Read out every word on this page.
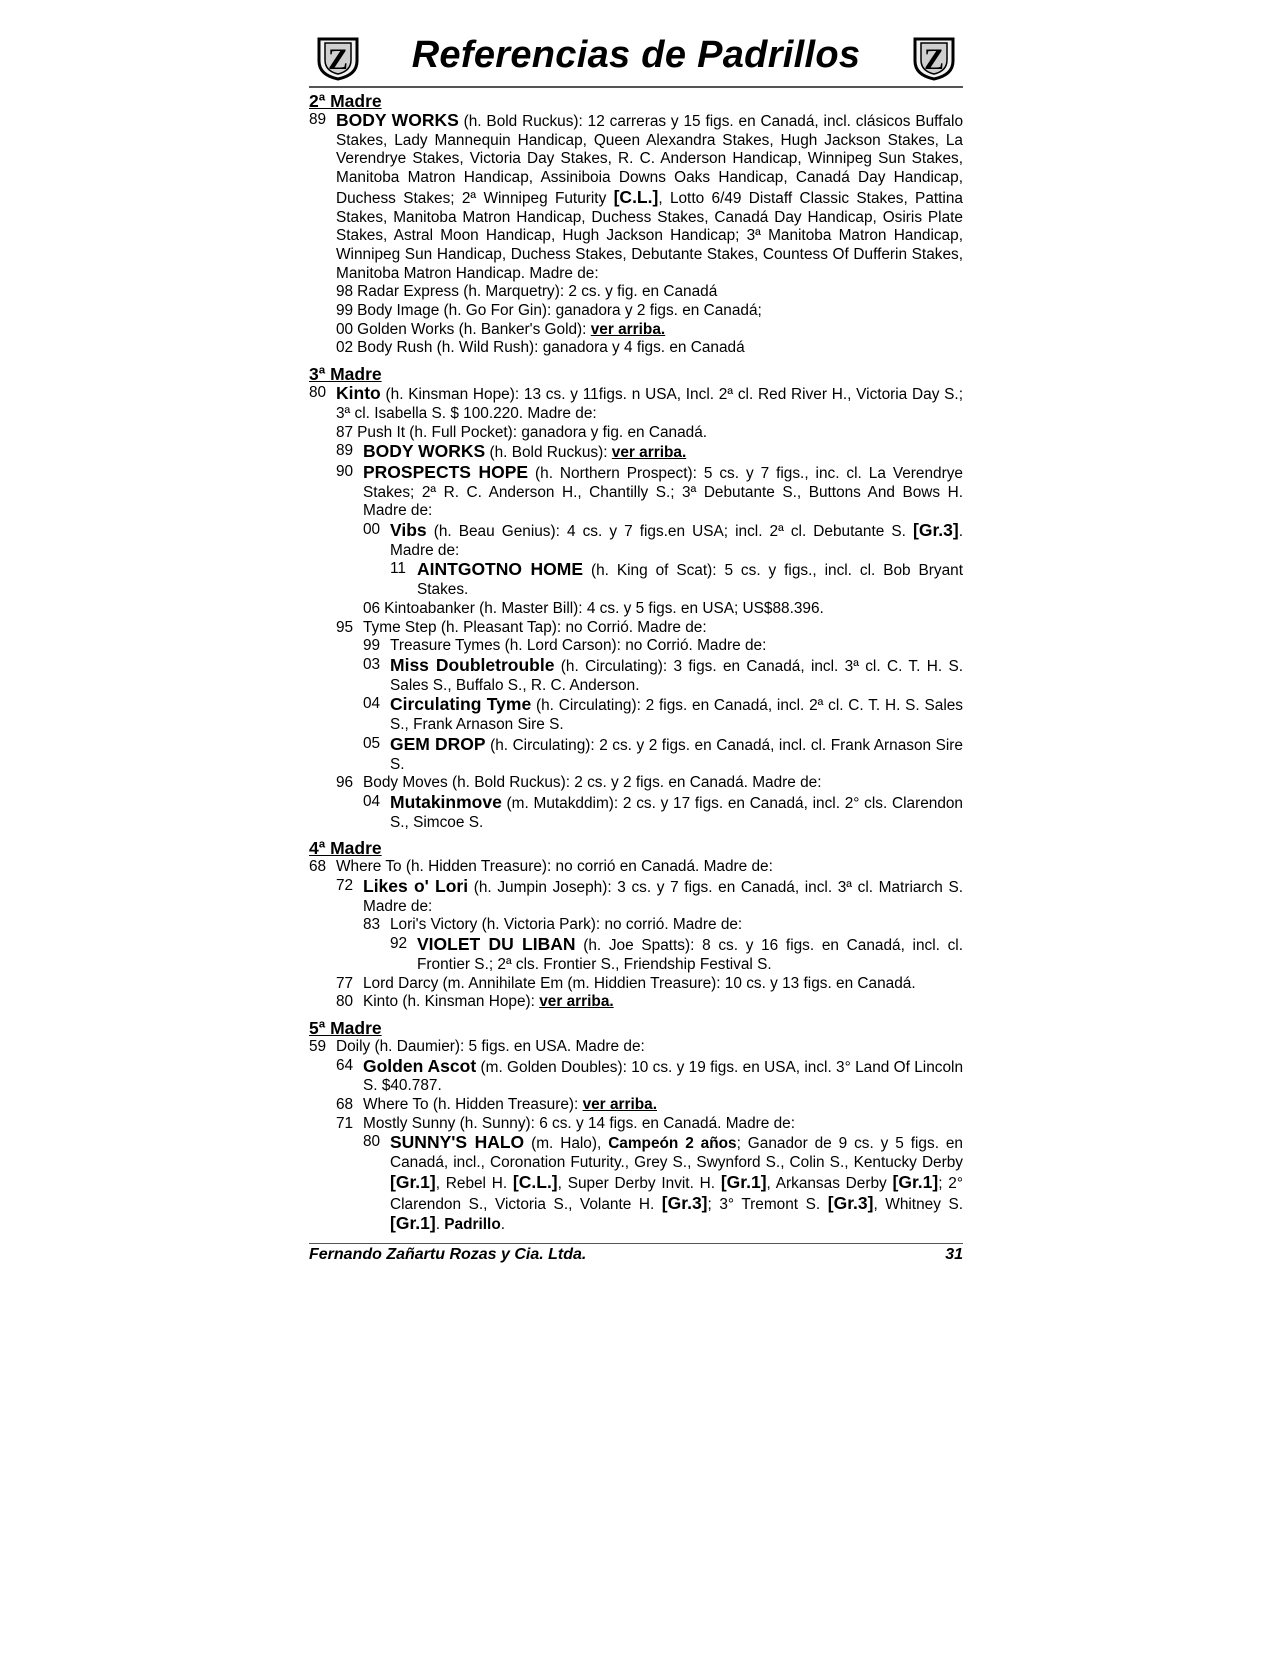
Z	Referencias de Padrillos	Z
2ª Madre
89 BODY WORKS (h. Bold Ruckus): 12 carreras y 15 figs. en Canadá, incl. clásicos Buffalo Stakes, Lady Mannequin Handicap, Queen Alexandra Stakes, Hugh Jackson Stakes, La Verendrye Stakes, Victoria Day Stakes, R. C. Anderson Handicap, Winnipeg Sun Stakes, Manitoba Matron Handicap, Assiniboia Downs Oaks Handicap, Canadá Day Handicap, Duchess Stakes; 2ª Winnipeg Futurity [C.L.], Lotto 6/49 Distaff Classic Stakes, Pattina Stakes, Manitoba Matron Handicap, Duchess Stakes, Canadá Day Handicap, Osiris Plate Stakes, Astral Moon Handicap, Hugh Jackson Handicap; 3ª Manitoba Matron Handicap, Winnipeg Sun Handicap, Duchess Stakes, Debutante Stakes, Countess Of Dufferin Stakes, Manitoba Matron Handicap. Madre de:
98 Radar Express (h. Marquetry): 2 cs. y fig. en Canadá
99 Body Image (h. Go For Gin): ganadora y 2 figs. en Canadá;
00 Golden Works (h. Banker's Gold): ver arriba.
02 Body Rush (h. Wild Rush): ganadora y 4 figs. en Canadá
3ª Madre
80 Kinto (h. Kinsman Hope): 13 cs. y 11figs. n USA, Incl. 2ª cl. Red River H., Victoria Day S.; 3ª cl. Isabella S. $ 100.220. Madre de:
87 Push It (h. Full Pocket): ganadora y fig. en Canadá.
89 BODY WORKS (h. Bold Ruckus): ver arriba.
90 PROSPECTS HOPE (h. Northern Prospect): 5 cs. y 7 figs., inc. cl. La Verendrye Stakes; 2ª R. C. Anderson H., Chantilly S.; 3ª Debutante S., Buttons And Bows H. Madre de:
00 Vibs (h. Beau Genius): 4 cs. y 7 figs.en USA; incl. 2ª cl. Debutante S. [Gr.3]. Madre de:
11 AINTGOTNO HOME (h. King of Scat): 5 cs. y figs., incl. cl. Bob Bryant Stakes.
06 Kintoabanker (h. Master Bill): 4 cs. y 5 figs. en USA; US$88.396.
95 Tyme Step (h. Pleasant Tap): no Corrió. Madre de:
99 Treasure Tymes (h. Lord Carson): no Corrió. Madre de:
03 Miss Doubletrouble (h. Circulating): 3 figs. en Canadá, incl. 3ª cl. C. T. H. S. Sales S., Buffalo S., R. C. Anderson.
04 Circulating Tyme (h. Circulating): 2 figs. en Canadá, incl. 2ª cl. C. T. H. S. Sales S., Frank Arnason Sire S.
05 GEM DROP (h. Circulating): 2 cs. y 2 figs. en Canadá, incl. cl. Frank Arnason Sire S.
96 Body Moves (h. Bold Ruckus): 2 cs. y 2 figs. en Canadá. Madre de:
04 Mutakinmove (m. Mutakddim): 2 cs. y 17 figs. en Canadá, incl. 2° cls. Clarendon S., Simcoe S.
4ª Madre
68 Where To (h. Hidden Treasure): no corrió en Canadá. Madre de:
72 Likes o' Lori (h. Jumpin Joseph): 3 cs. y 7 figs. en Canadá, incl. 3ª cl. Matriarch S. Madre de:
83 Lori's Victory (h. Victoria Park): no corrió. Madre de:
92 VIOLET DU LIBAN (h. Joe Spatts): 8 cs. y 16 figs. en Canadá, incl. cl. Frontier S.; 2ª cls. Frontier S., Friendship Festival S.
77 Lord Darcy (m. Annihilate Em (m. Hiddien Treasure): 10 cs. y 13 figs. en Canadá.
80 Kinto (h. Kinsman Hope): ver arriba.
5ª Madre
59 Doily (h. Daumier): 5 figs. en USA. Madre de:
64 Golden Ascot (m. Golden Doubles): 10 cs. y 19 figs. en USA, incl. 3° Land Of Lincoln S. $40.787.
68 Where To (h. Hidden Treasure): ver arriba.
71 Mostly Sunny (h. Sunny): 6 cs. y 14 figs. en Canadá. Madre de:
80 SUNNY'S HALO (m. Halo), Campeón 2 años; Ganador de 9 cs. y 5 figs. en Canadá, incl., Coronation Futurity., Grey S., Swynford S., Colin S., Kentucky Derby [Gr.1], Rebel H. [C.L.], Super Derby Invit. H. [Gr.1], Arkansas Derby [Gr.1]; 2° Clarendon S., Victoria S., Volante H. [Gr.3]; 3° Tremont S. [Gr.3], Whitney S. [Gr.1]. Padrillo.
Fernando Zañartu Rozas y Cia. Ltda.	31
